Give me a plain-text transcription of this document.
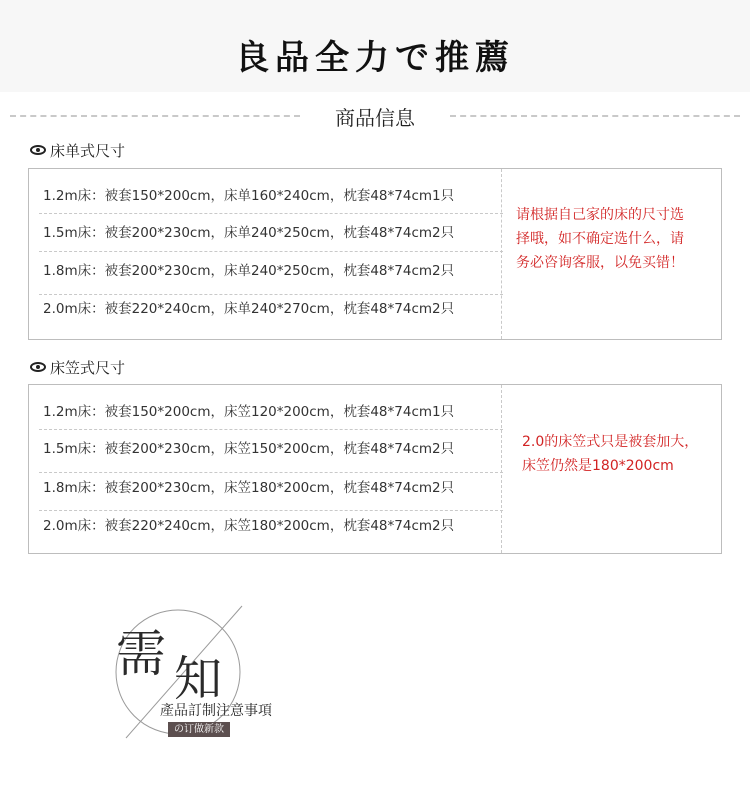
良品全力で推薦
商品信息
床单式尺寸
1.2m床：被套150*200cm，床单160*240cm，枕套48*74cm1只
1.5m床：被套200*230cm，床单240*250cm，枕套48*74cm2只
1.8m床：被套200*230cm，床单240*250cm，枕套48*74cm2只
2.0m床：被套220*240cm，床单240*270cm，枕套48*74cm2只
请根据自己家的床的尺寸选
择哦，如不确定选什么，请
务必咨询客服，以免买错！
床笠式尺寸
1.2m床：被套150*200cm，床笠120*200cm，枕套48*74cm1只
1.5m床：被套200*230cm，床笠150*200cm，枕套48*74cm2只
1.8m床：被套200*230cm，床笠180*200cm，枕套48*74cm2只
2.0m床：被套220*240cm，床笠180*200cm，枕套48*74cm2只
2.0的床笠式只是被套加大，
床笠仍然是180*200cm
需 知
產品訂制注意事項
の订做新款
